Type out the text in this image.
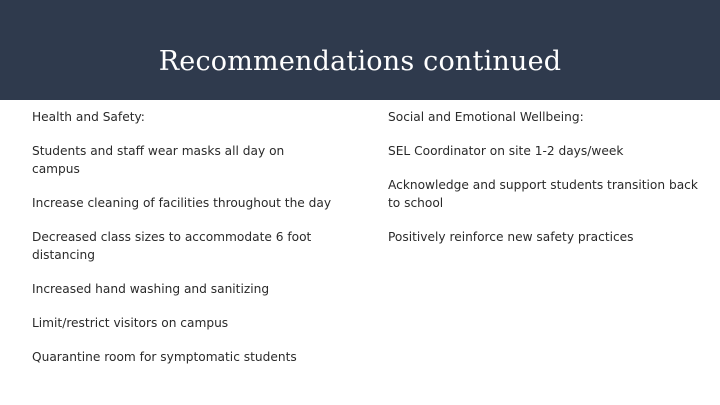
Recommendations continued

Health and Safety:

Students and staff wear masks all day on campus

Increase cleaning of facilities throughout the day

Decreased class sizes to accommodate 6 foot distancing

Increased hand washing and sanitizing

Limit/restrict visitors on campus

Quarantine room for symptomatic students

Social and Emotional Wellbeing:

SEL Coordinator on site 1-2 days/week

Acknowledge and support students transition back to school

Positively reinforce new safety practices
